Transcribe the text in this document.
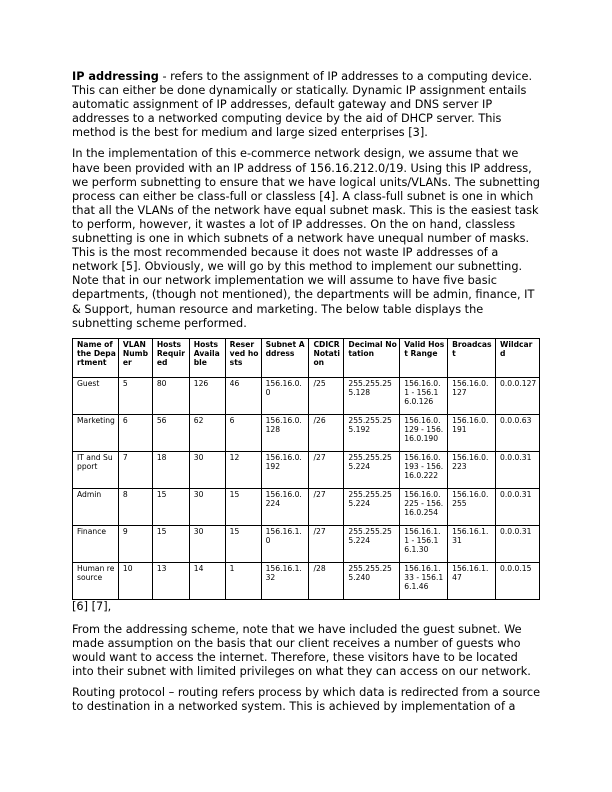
IP addressing - refers to the assignment of IP addresses to a computing device. This can either be done dynamically or statically. Dynamic IP assignment entails automatic assignment of IP addresses, default gateway and DNS server IP addresses to a networked computing device by the aid of DHCP server. This method is the best for medium and large sized enterprises [3].

In the implementation of this e-commerce network design, we assume that we have been provided with an IP address of 156.16.212.0/19. Using this IP address, we perform subnetting to ensure that we have logical units/VLANs. The subnetting process can either be class-full or classless [4]. A class-full subnet is one in which that all the VLANs of the network have equal subnet mask. This is the easiest task to perform, however, it wastes a lot of IP addresses. On the on hand, classless subnetting is one in which subnets of a network have unequal number of masks. This is the most recommended because it does not waste IP addresses of a network [5]. Obviously, we will go by this method to implement our subnetting. Note that in our network implementation we will assume to have five basic departments, (though not mentioned), the departments will be admin, finance, IT & Support, human resource and marketing. The below table displays the subnetting scheme performed.

Name of the Department	VLAN Number	Hosts Required	Hosts Available	Reserved hosts	Subnet Address	CDICR Notation	Decimal Notation	Valid Host Range	Broadcast	Wildcard
Guest	5	80	126	46	156.16.0.0	/25	255.255.255.128	156.16.0.1 - 156.16.0.126	156.16.0.127	0.0.0.127
Marketing	6	56	62	6	156.16.0.128	/26	255.255.255.192	156.16.0.129 - 156.16.0.190	156.16.0.191	0.0.0.63
IT and Support	7	18	30	12	156.16.0.192	/27	255.255.255.224	156.16.0.193 - 156.16.0.222	156.16.0.223	0.0.0.31
Admin	8	15	30	15	156.16.0.224	/27	255.255.255.224	156.16.0.225 - 156.16.0.254	156.16.0.255	0.0.0.31
Finance	9	15	30	15	156.16.1.0	/27	255.255.255.224	156.16.1.1 - 156.16.1.30	156.16.1.31	0.0.0.31
Human resource	10	13	14	1	156.16.1.32	/28	255.255.255.240	156.16.1.33 - 156.16.1.46	156.16.1.47	0.0.0.15

[6] [7],

From the addressing scheme, note that we have included the guest subnet. We made assumption on the basis that our client receives a number of guests who would want to access the internet. Therefore, these visitors have to be located into their subnet with limited privileges on what they can access on our network.

Routing protocol – routing refers process by which data is redirected from a source to destination in a networked system. This is achieved by implementation of a
